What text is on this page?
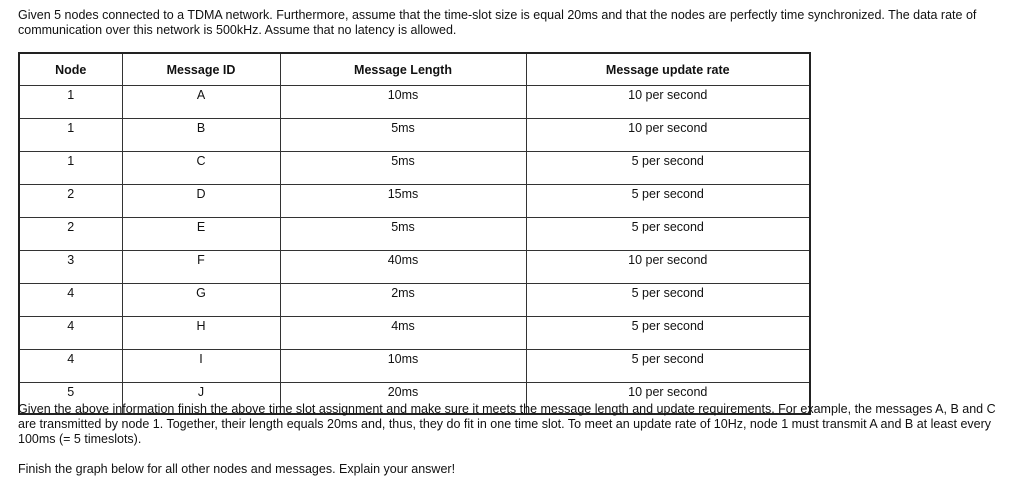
Given 5 nodes connected to a TDMA network. Furthermore, assume that the time-slot size is equal 20ms and that the nodes are perfectly time synchronized. The data rate of communication over this network is 500kHz. Assume that no latency is allowed.

Node	Message ID	Message Length	Message update rate
1	A	10ms	10 per second
1	B	5ms	10 per second
1	C	5ms	5 per second
2	D	15ms	5 per second
2	E	5ms	5 per second
3	F	40ms	10 per second
4	G	2ms	5 per second
4	H	4ms	5 per second
4	I	10ms	5 per second
5	J	20ms	10 per second

Given the above information finish the above time slot assignment and make sure it meets the message length and update requirements. For example, the messages A, B and C are transmitted by node 1. Together, their length equals 20ms and, thus, they do fit in one time slot. To meet an update rate of 10Hz, node 1 must transmit A and B at least every 100ms (= 5 timeslots).

Finish the graph below for all other nodes and messages. Explain your answer!
